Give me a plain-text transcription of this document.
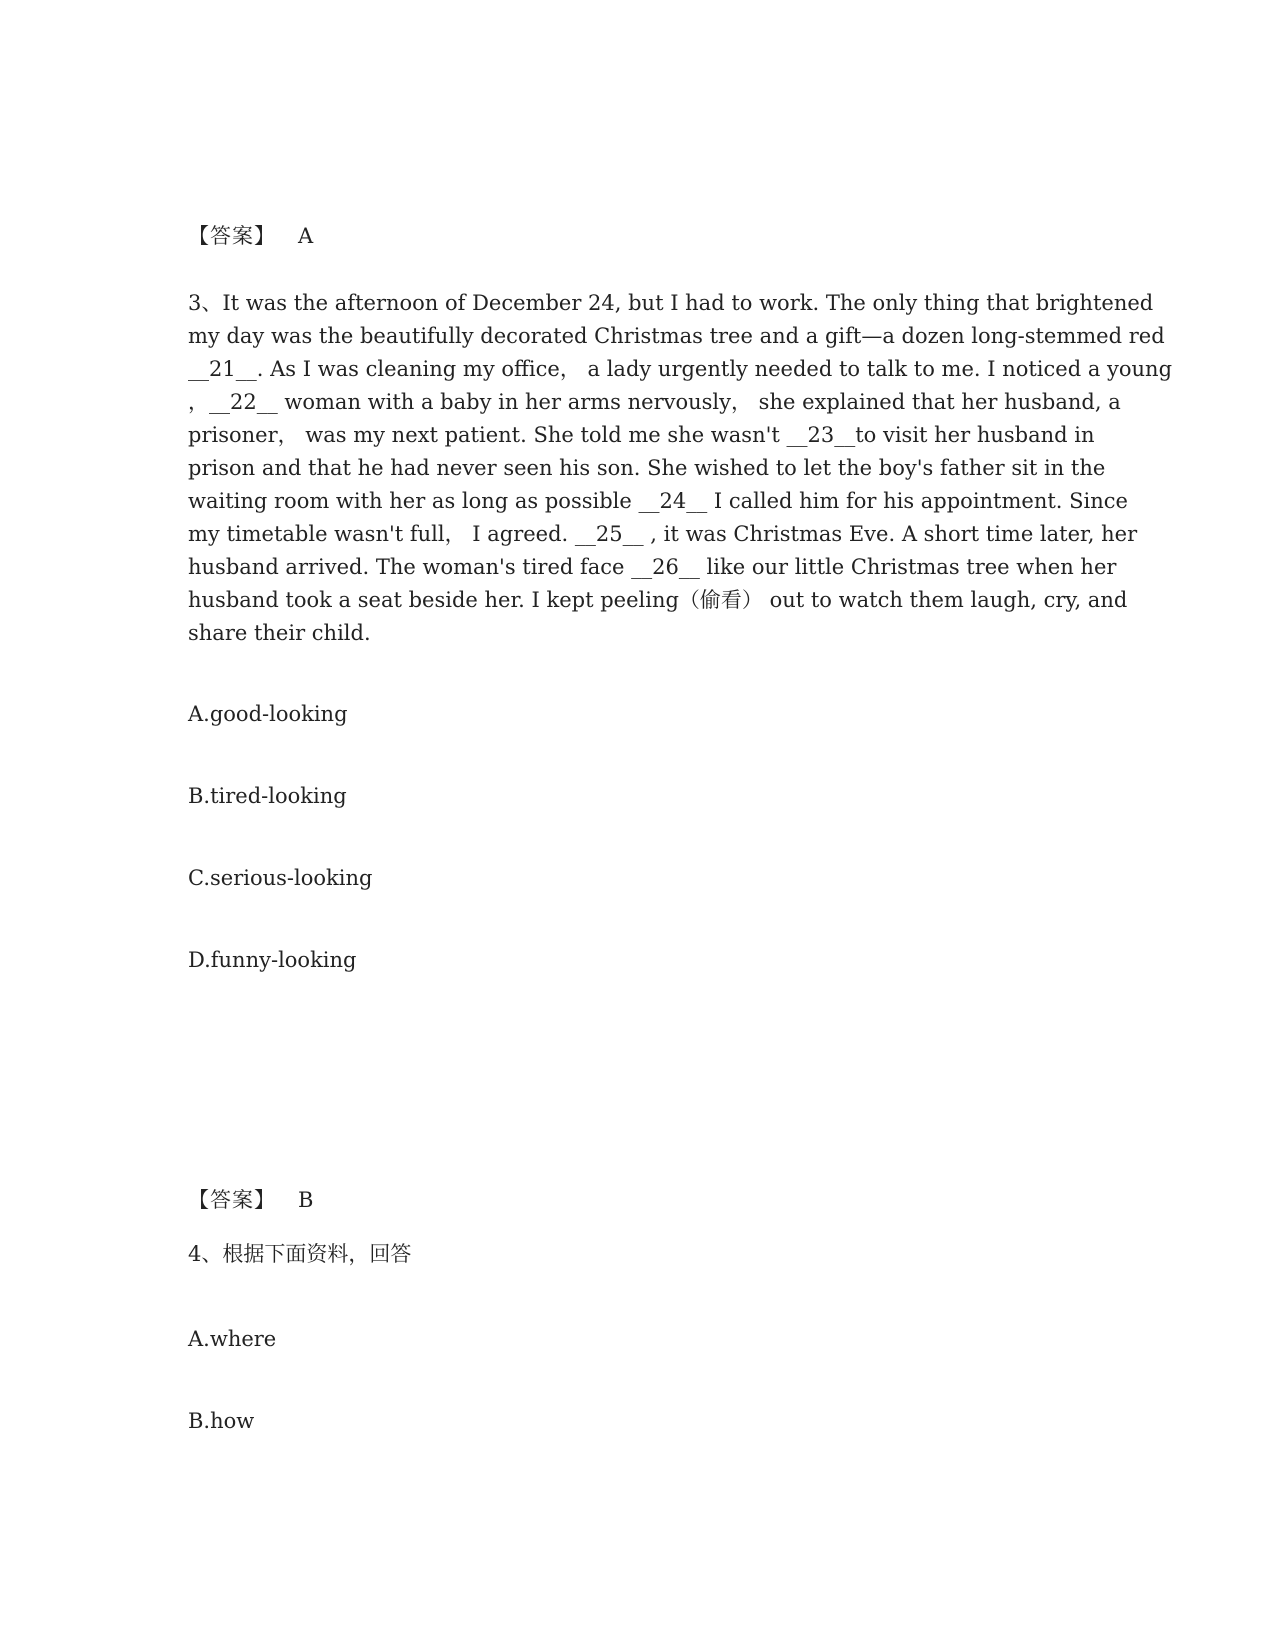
【答案】 A
3、It was the afternoon of December 24, but I had to work. The only thing that brightened
my day was the beautifully decorated Christmas tree and a gift—a dozen long-stemmed red
__21__. As I was cleaning my office， a lady urgently needed to talk to me. I noticed a young
，__22__ woman with a baby in her arms nervously， she explained that her husband, a
prisoner， was my next patient. She told me she wasn't __23__to visit her husband in
prison and that he had never seen his son. She wished to let the boy's father sit in the
waiting room with her as long as possible __24__ I called him for his appointment. Since
my timetable wasn't full， I agreed. __25__ , it was Christmas Eve. A short time later, her
husband arrived. The woman's tired face __26__ like our little Christmas tree when her
husband took a seat beside her. I kept peeling（偷看） out to watch them laugh, cry, and
share their child.
A.good-looking
B.tired-looking
C.serious-looking
D.funny-looking
【答案】 B
4、根据下面资料，回答
A.where
B.how
